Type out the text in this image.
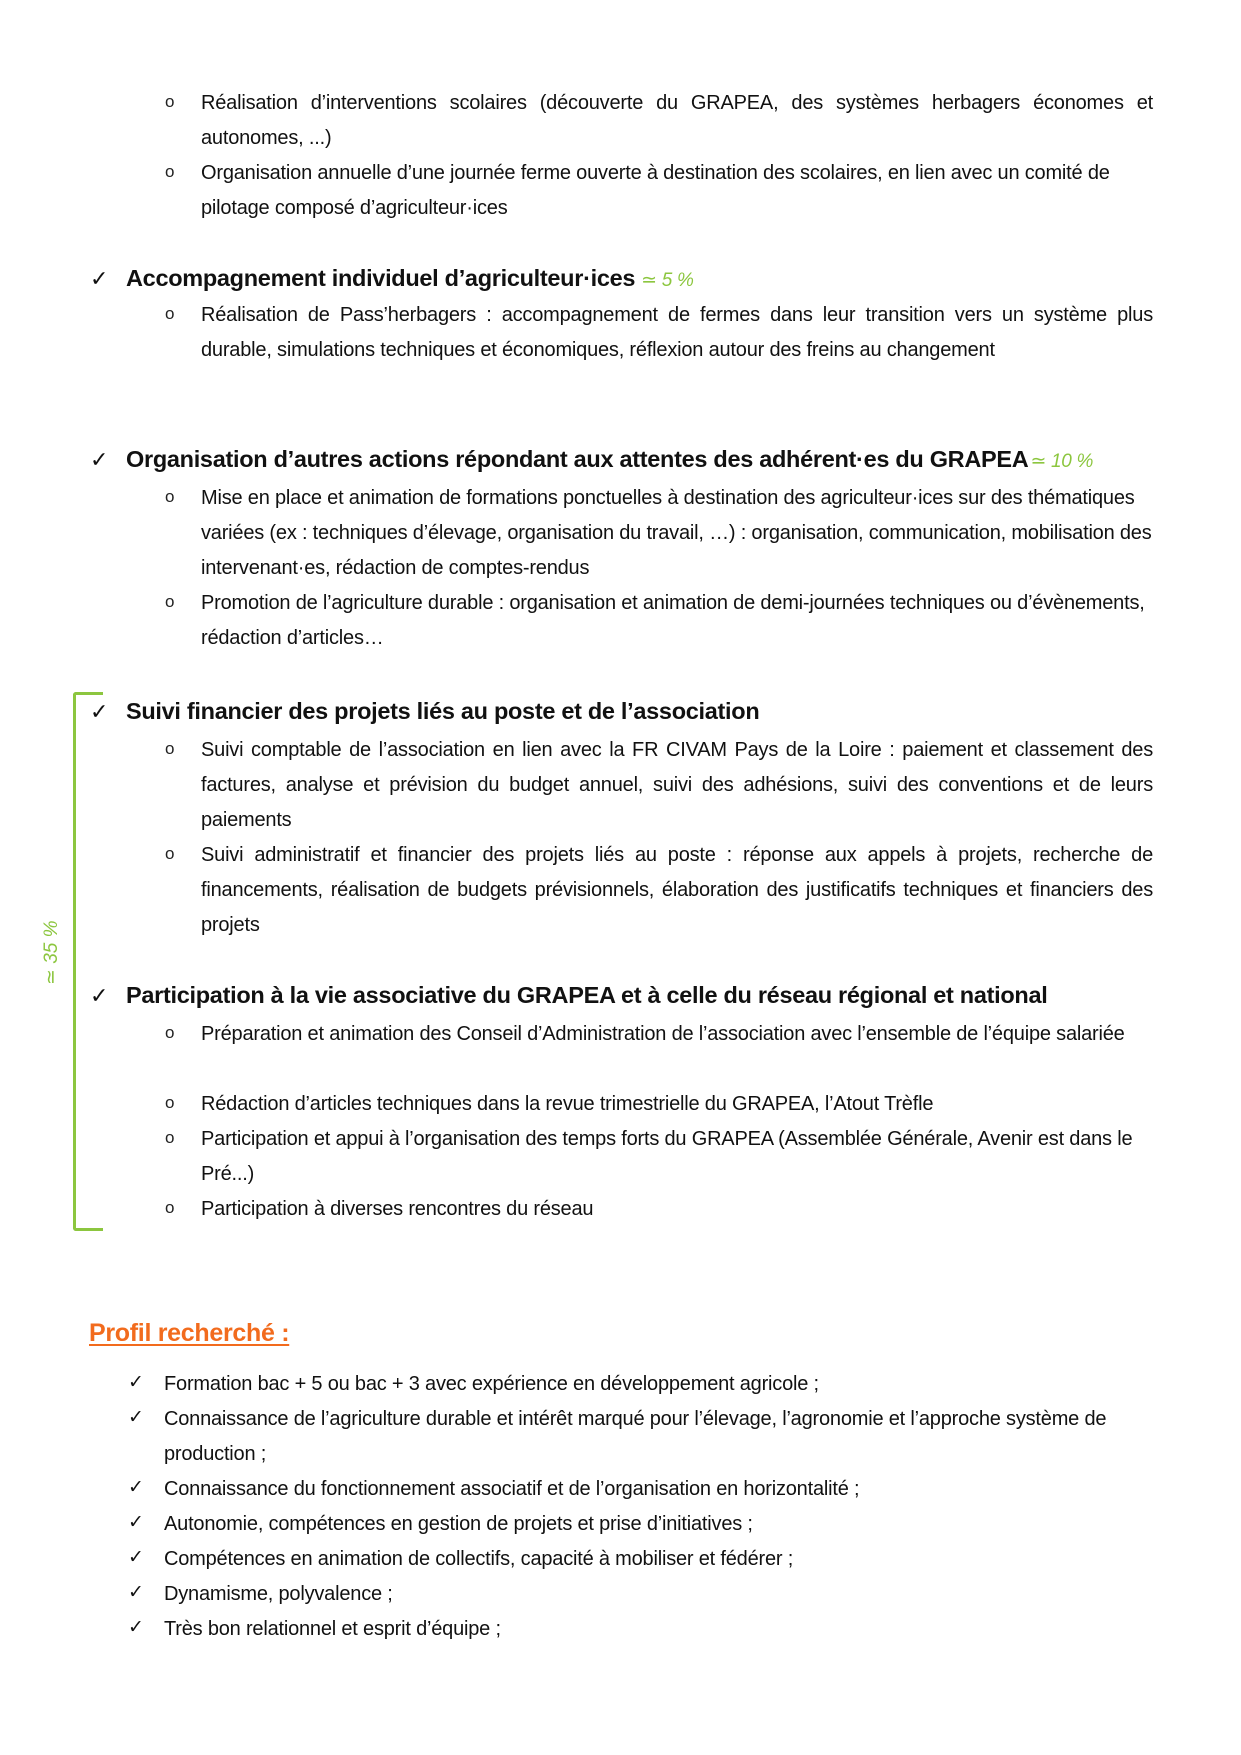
o Réalisation d’interventions scolaires (découverte du GRAPEA, des systèmes herbagers économes et autonomes, ...)
o Organisation annuelle d’une journée ferme ouverte à destination des scolaires, en lien avec un comité de pilotage composé d’agriculteur·ices
✓ Accompagnement individuel d’agriculteur·ices ≃ 5 %
o Réalisation de Pass’herbagers : accompagnement de fermes dans leur transition vers un système plus durable, simulations techniques et économiques, réflexion autour des freins au changement
✓ Organisation d’autres actions répondant aux attentes des adhérent·es du GRAPEA ≃ 10 %
o Mise en place et animation de formations ponctuelles à destination des agriculteur·ices sur des thématiques variées (ex : techniques d’élevage, organisation du travail, …) : organisation, communication, mobilisation des intervenant·es, rédaction de comptes-rendus
o Promotion de l’agriculture durable : organisation et animation de demi-journées techniques ou d’évènements, rédaction d’articles…
≃ 35 %
✓ Suivi financier des projets liés au poste et de l’association
o Suivi comptable de l’association en lien avec la FR CIVAM Pays de la Loire : paiement et classement des factures, analyse et prévision du budget annuel, suivi des adhésions, suivi des conventions et de leurs paiements
o Suivi administratif et financier des projets liés au poste : réponse aux appels à projets, recherche de financements, réalisation de budgets prévisionnels, élaboration des justificatifs techniques et financiers des projets
✓ Participation à la vie associative du GRAPEA et à celle du réseau régional et national
o Préparation et animation des Conseil d’Administration de l’association avec l’ensemble de l’équipe salariée
o Rédaction d’articles techniques dans la revue trimestrielle du GRAPEA, l’Atout Trèfle
o Participation et appui à l’organisation des temps forts du GRAPEA (Assemblée Générale, Avenir est dans le Pré...)
o Participation à diverses rencontres du réseau
Profil recherché :
✓ Formation bac + 5 ou bac + 3 avec expérience en développement agricole ;
✓ Connaissance de l’agriculture durable et intérêt marqué pour l’élevage, l’agronomie et l’approche système de production ;
✓ Connaissance du fonctionnement associatif et de l’organisation en horizontalité ;
✓ Autonomie, compétences en gestion de projets et prise d’initiatives ;
✓ Compétences en animation de collectifs, capacité à mobiliser et fédérer ;
✓ Dynamisme, polyvalence ;
✓ Très bon relationnel et esprit d’équipe ;
